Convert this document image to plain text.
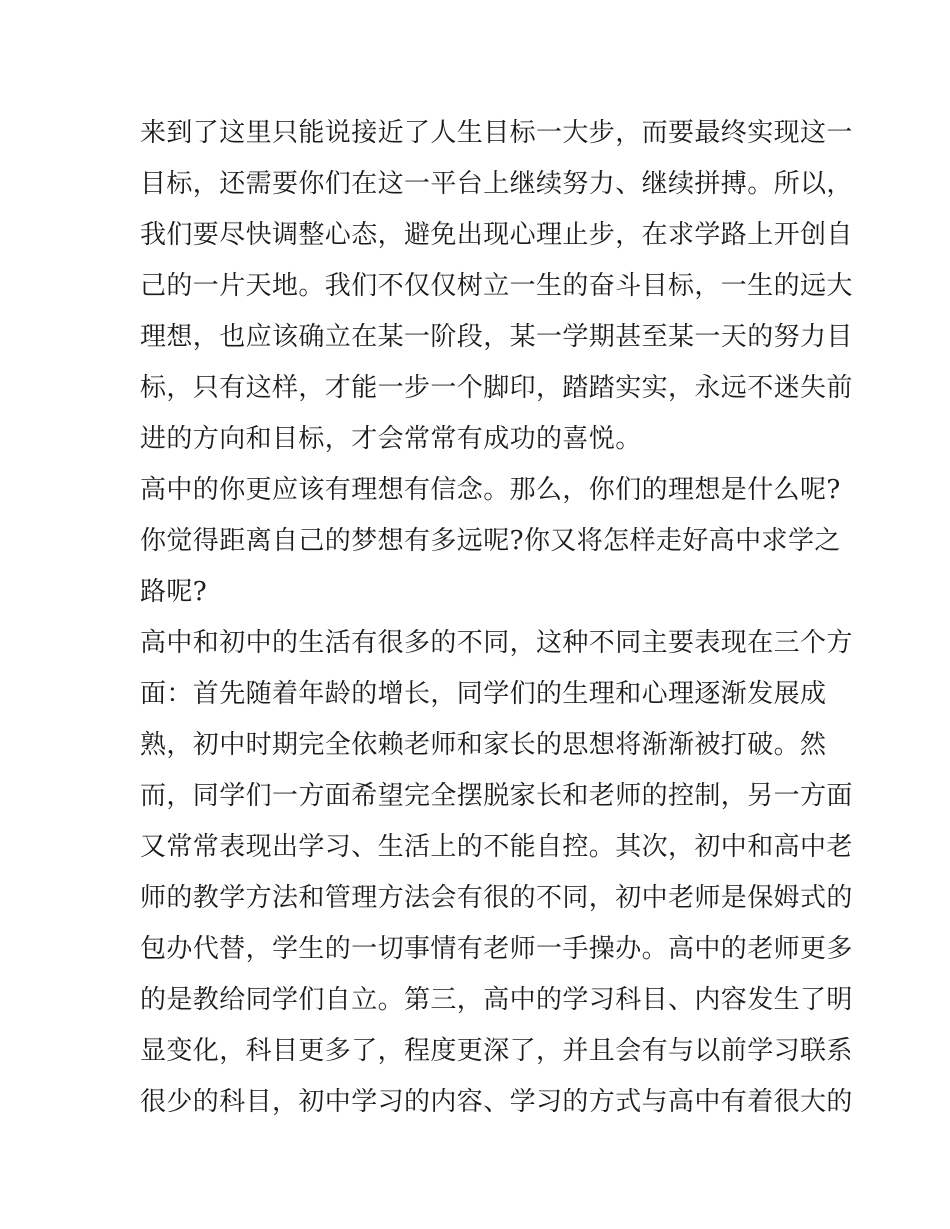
来到了这里只能说接近了人生目标一大步，而要最终实现这一
目标，还需要你们在这一平台上继续努力、继续拼搏。所以，
我们要尽快调整心态，避免出现心理止步，在求学路上开创自
己的一片天地。我们不仅仅树立一生的奋斗目标，一生的远大
理想，也应该确立在某一阶段，某一学期甚至某一天的努力目
标，只有这样，才能一步一个脚印，踏踏实实，永远不迷失前
进的方向和目标，才会常常有成功的喜悦。
高中的你更应该有理想有信念。那么，你们的理想是什么呢?
你觉得距离自己的梦想有多远呢?你又将怎样走好高中求学之
路呢?
高中和初中的生活有很多的不同，这种不同主要表现在三个方
面：首先随着年龄的增长，同学们的生理和心理逐渐发展成
熟，初中时期完全依赖老师和家长的思想将渐渐被打破。然
而，同学们一方面希望完全摆脱家长和老师的控制，另一方面
又常常表现出学习、生活上的不能自控。其次，初中和高中老
师的教学方法和管理方法会有很的不同，初中老师是保姆式的
包办代替，学生的一切事情有老师一手操办。高中的老师更多
的是教给同学们自立。第三，高中的学习科目、内容发生了明
显变化，科目更多了，程度更深了，并且会有与以前学习联系
很少的科目，初中学习的内容、学习的方式与高中有着很大的
